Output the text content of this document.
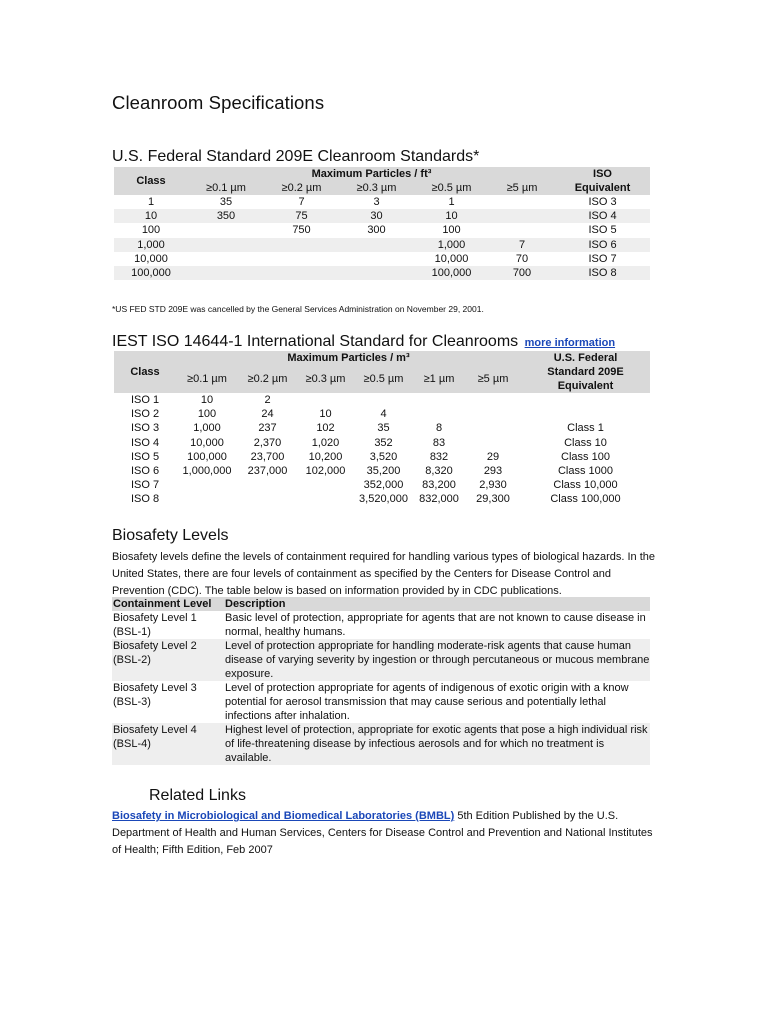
Cleanroom Specifications
U.S. Federal Standard 209E Cleanroom Standards*
Class	Maximum Particles / ft³					ISO
	≥0.1 µm	≥0.2 µm	≥0.3 µm	≥0.5 µm	≥5 µm	Equivalent
1	35	7	3	1		ISO 3
10	350	75	30	10		ISO 4
100		750	300	100		ISO 5
1,000				1,000	7	ISO 6
10,000				10,000	70	ISO 7
100,000				100,000	700	ISO 8
*US FED STD 209E was cancelled by the General Services Administration on November 29, 2001.
IEST ISO 14644-1 International Standard for Cleanrooms more information
Class	Maximum Particles / m³						U.S. Federal
	≥0.1 µm	≥0.2 µm	≥0.3 µm	≥0.5 µm	≥1 µm	≥5 µm	Standard 209E
Equivalent
ISO 1	10	2					
ISO 2	100	24	10	4			
ISO 3	1,000	237	102	35	8		Class 1
ISO 4	10,000	2,370	1,020	352	83		Class 10
ISO 5	100,000	23,700	10,200	3,520	832	29	Class 100
ISO 6	1,000,000	237,000	102,000	35,200	8,320	293	Class 1000
ISO 7				352,000	83,200	2,930	Class 10,000
ISO 8				3,520,000	832,000	29,300	Class 100,000
Biosafety Levels
Biosafety levels define the levels of containment required for handling various types of biological hazards. In the United States, there are four levels of containment as specified by the Centers for Disease Control and Prevention (CDC). The table below is based on information provided by in CDC publications.
Containment Level	Description
Biosafety Level 1
(BSL-1)	Basic level of protection, appropriate for agents that are not known to cause disease in normal, healthy humans.
Biosafety Level 2
(BSL-2)	Level of protection appropriate for handling moderate-risk agents that cause human disease of varying severity by ingestion or through percutaneous or mucous membrane exposure.
Biosafety Level 3
(BSL-3)	Level of protection appropriate for agents of indigenous of exotic origin with a know potential for aerosol transmission that may cause serious and potentially lethal infections after inhalation.
Biosafety Level 4
(BSL-4)	Highest level of protection, appropriate for exotic agents that pose a high individual risk of life-threatening disease by infectious aerosols and for which no treatment is available.
Related Links
Biosafety in Microbiological and Biomedical Laboratories (BMBL) 5th Edition Published by the U.S. Department of Health and Human Services, Centers for Disease Control and Prevention and National Institutes of Health; Fifth Edition, Feb 2007
